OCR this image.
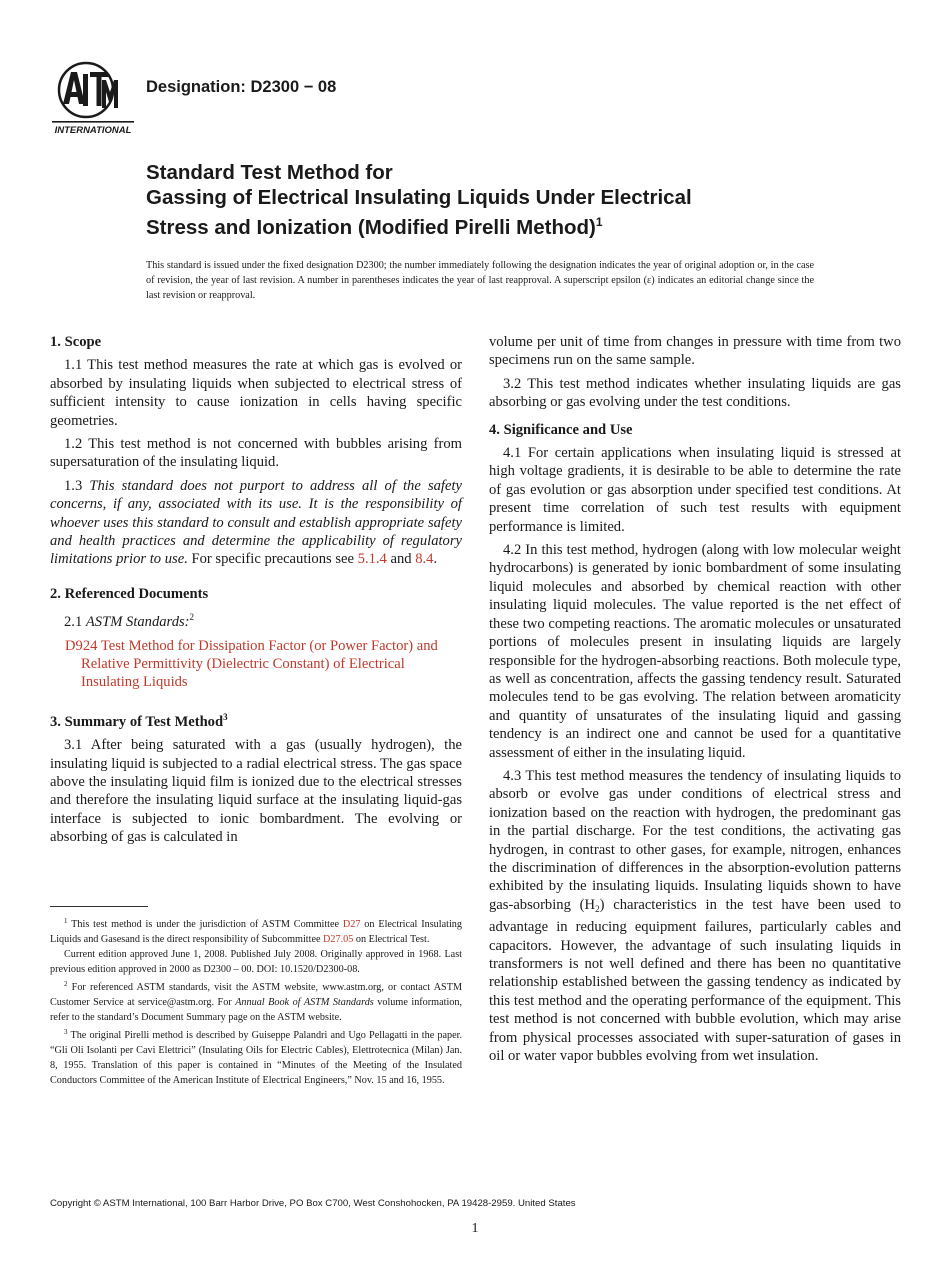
INTERNATIONAL
Designation: D2300 − 08
Standard Test Method for
Gassing of Electrical Insulating Liquids Under Electrical
Stress and Ionization (Modified Pirelli Method)$^1$
This standard is issued under the fixed designation D2300; the number immediately following the designation indicates the year of original adoption or, in the case of revision, the year of last revision. A number in parentheses indicates the year of last reapproval. A superscript epsilon (ε) indicates an editorial change since the last revision or reapproval.
1. Scope

1.1 This test method measures the rate at which gas is evolved or absorbed by insulating liquids when subjected to electrical stress of sufficient intensity to cause ionization in cells having specific geometries.

1.2 This test method is not concerned with bubbles arising from supersaturation of the insulating liquid.

1.3 This standard does not purport to address all of the safety concerns, if any, associated with its use. It is the responsibility of whoever uses this standard to consult and establish appropriate safety and health practices and determine the applicability of regulatory limitations prior to use. For specific precautions see 5.1.4 and 8.4.

2. Referenced Documents

2.1 ASTM Standards:$^2$

D924 Test Method for Dissipation Factor (or Power Factor) and Relative Permittivity (Dielectric Constant) of Electrical Insulating Liquids

3. Summary of Test Method$^3$

3.1 After being saturated with a gas (usually hydrogen), the insulating liquid is subjected to a radial electrical stress. The gas space above the insulating liquid film is ionized due to the electrical stresses and therefore the insulating liquid surface at the insulating liquid-gas interface is subjected to ionic bombardment. The evolving or absorbing of gas is calculated in

$^1$ This test method is under the jurisdiction of ASTM Committee D27 on Electrical Insulating Liquids and Gasesand is the direct responsibility of Subcommittee D27.05 on Electrical Test.

Current edition approved June 1, 2008. Published July 2008. Originally approved in 1968. Last previous edition approved in 2000 as D2300 – 00. DOI: 10.1520/D2300-08.

$^2$ For referenced ASTM standards, visit the ASTM website, www.astm.org, or contact ASTM Customer Service at service@astm.org. For Annual Book of ASTM Standards volume information, refer to the standard’s Document Summary page on the ASTM website.

$^3$ The original Pirelli method is described by Guiseppe Palandri and Ugo Pellagatti in the paper. “Gli Oli Isolanti per Cavi Elettrici” (Insulating Oils for Electric Cables), Elettrotecnica (Milan) Jan. 8, 1955. Translation of this paper is contained in “Minutes of the Meeting of the Insulated Conductors Committee of the American Institute of Electrical Engineers,” Nov. 15 and 16, 1955.

volume per unit of time from changes in pressure with time from two specimens run on the same sample.

3.2 This test method indicates whether insulating liquids are gas absorbing or gas evolving under the test conditions.

4. Significance and Use

4.1 For certain applications when insulating liquid is stressed at high voltage gradients, it is desirable to be able to determine the rate of gas evolution or gas absorption under specified test conditions. At present time correlation of such test results with equipment performance is limited.

4.2 In this test method, hydrogen (along with low molecular weight hydrocarbons) is generated by ionic bombardment of some insulating liquid molecules and absorbed by chemical reaction with other insulating liquid molecules. The value reported is the net effect of these two competing reactions. The aromatic molecules or unsaturated portions of molecules present in insulating liquids are largely responsible for the hydrogen-absorbing reactions. Both molecule type, as well as concentration, affects the gassing tendency result. Saturated molecules tend to be gas evolving. The relation between aromaticity and quantity of unsaturates of the insulating liquid and gassing tendency is an indirect one and cannot be used for a quantitative assessment of either in the insulating liquid.

4.3 This test method measures the tendency of insulating liquids to absorb or evolve gas under conditions of electrical stress and ionization based on the reaction with hydrogen, the predominant gas in the partial discharge. For the test conditions, the activating gas hydrogen, in contrast to other gases, for example, nitrogen, enhances the discrimination of differences in the absorption-evolution patterns exhibited by the insulating liquids. Insulating liquids shown to have gas-absorbing $(H_2)$ characteristics in the test have been used to advantage in reducing equipment failures, particularly cables and capacitors. However, the advantage of such insulating liquids in transformers is not well defined and there has been no quantitative relationship established between the gassing tendency as indicated by this test method and the operating performance of the equipment. This test method is not concerned with bubble evolution, which may arise from physical processes associated with super-saturation of gases in oil or water vapor bubbles evolving from wet insulation.

Copyright © ASTM International, 100 Barr Harbor Drive, PO Box C700, West Conshohocken, PA 19428-2959. United States
1
